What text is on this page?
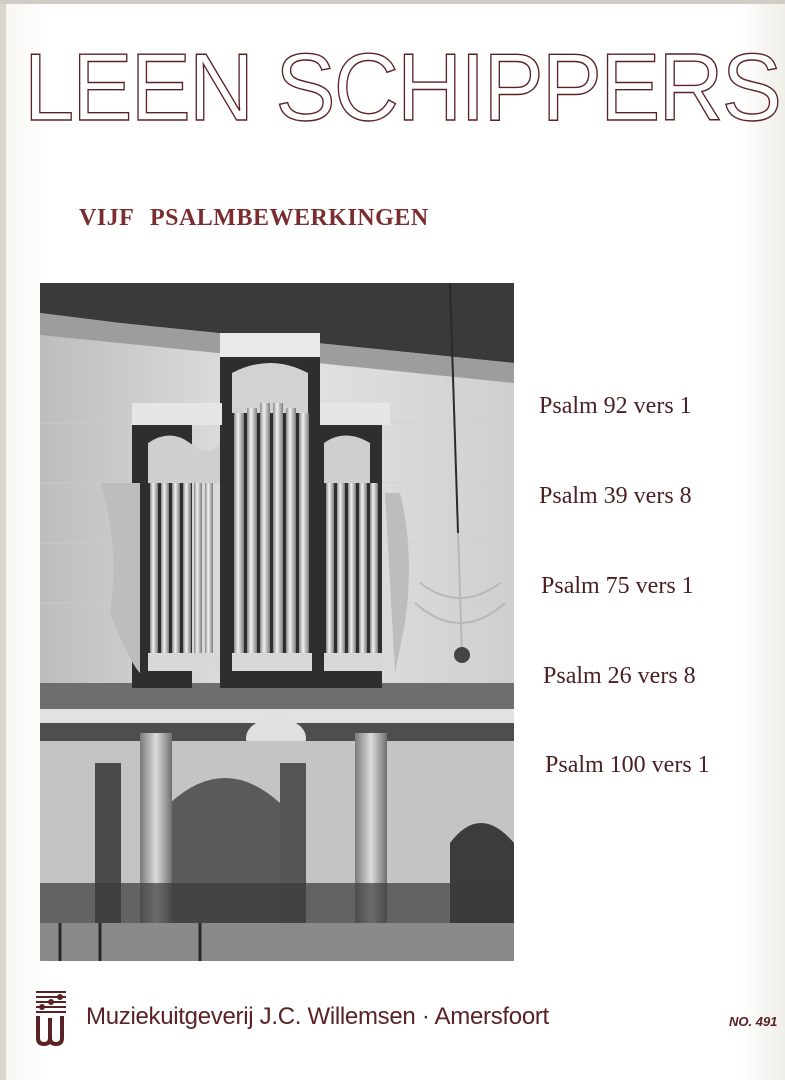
LEEN SCHIPPERS
VIJF PSALMBEWERKINGEN
Psalm 92 vers 1
Psalm 39 vers 8
Psalm 75 vers 1
Psalm 26 vers 8
Psalm 100 vers 1
Muziekuitgeverij J.C. Willemsen · Amersfoort	NO. 491
